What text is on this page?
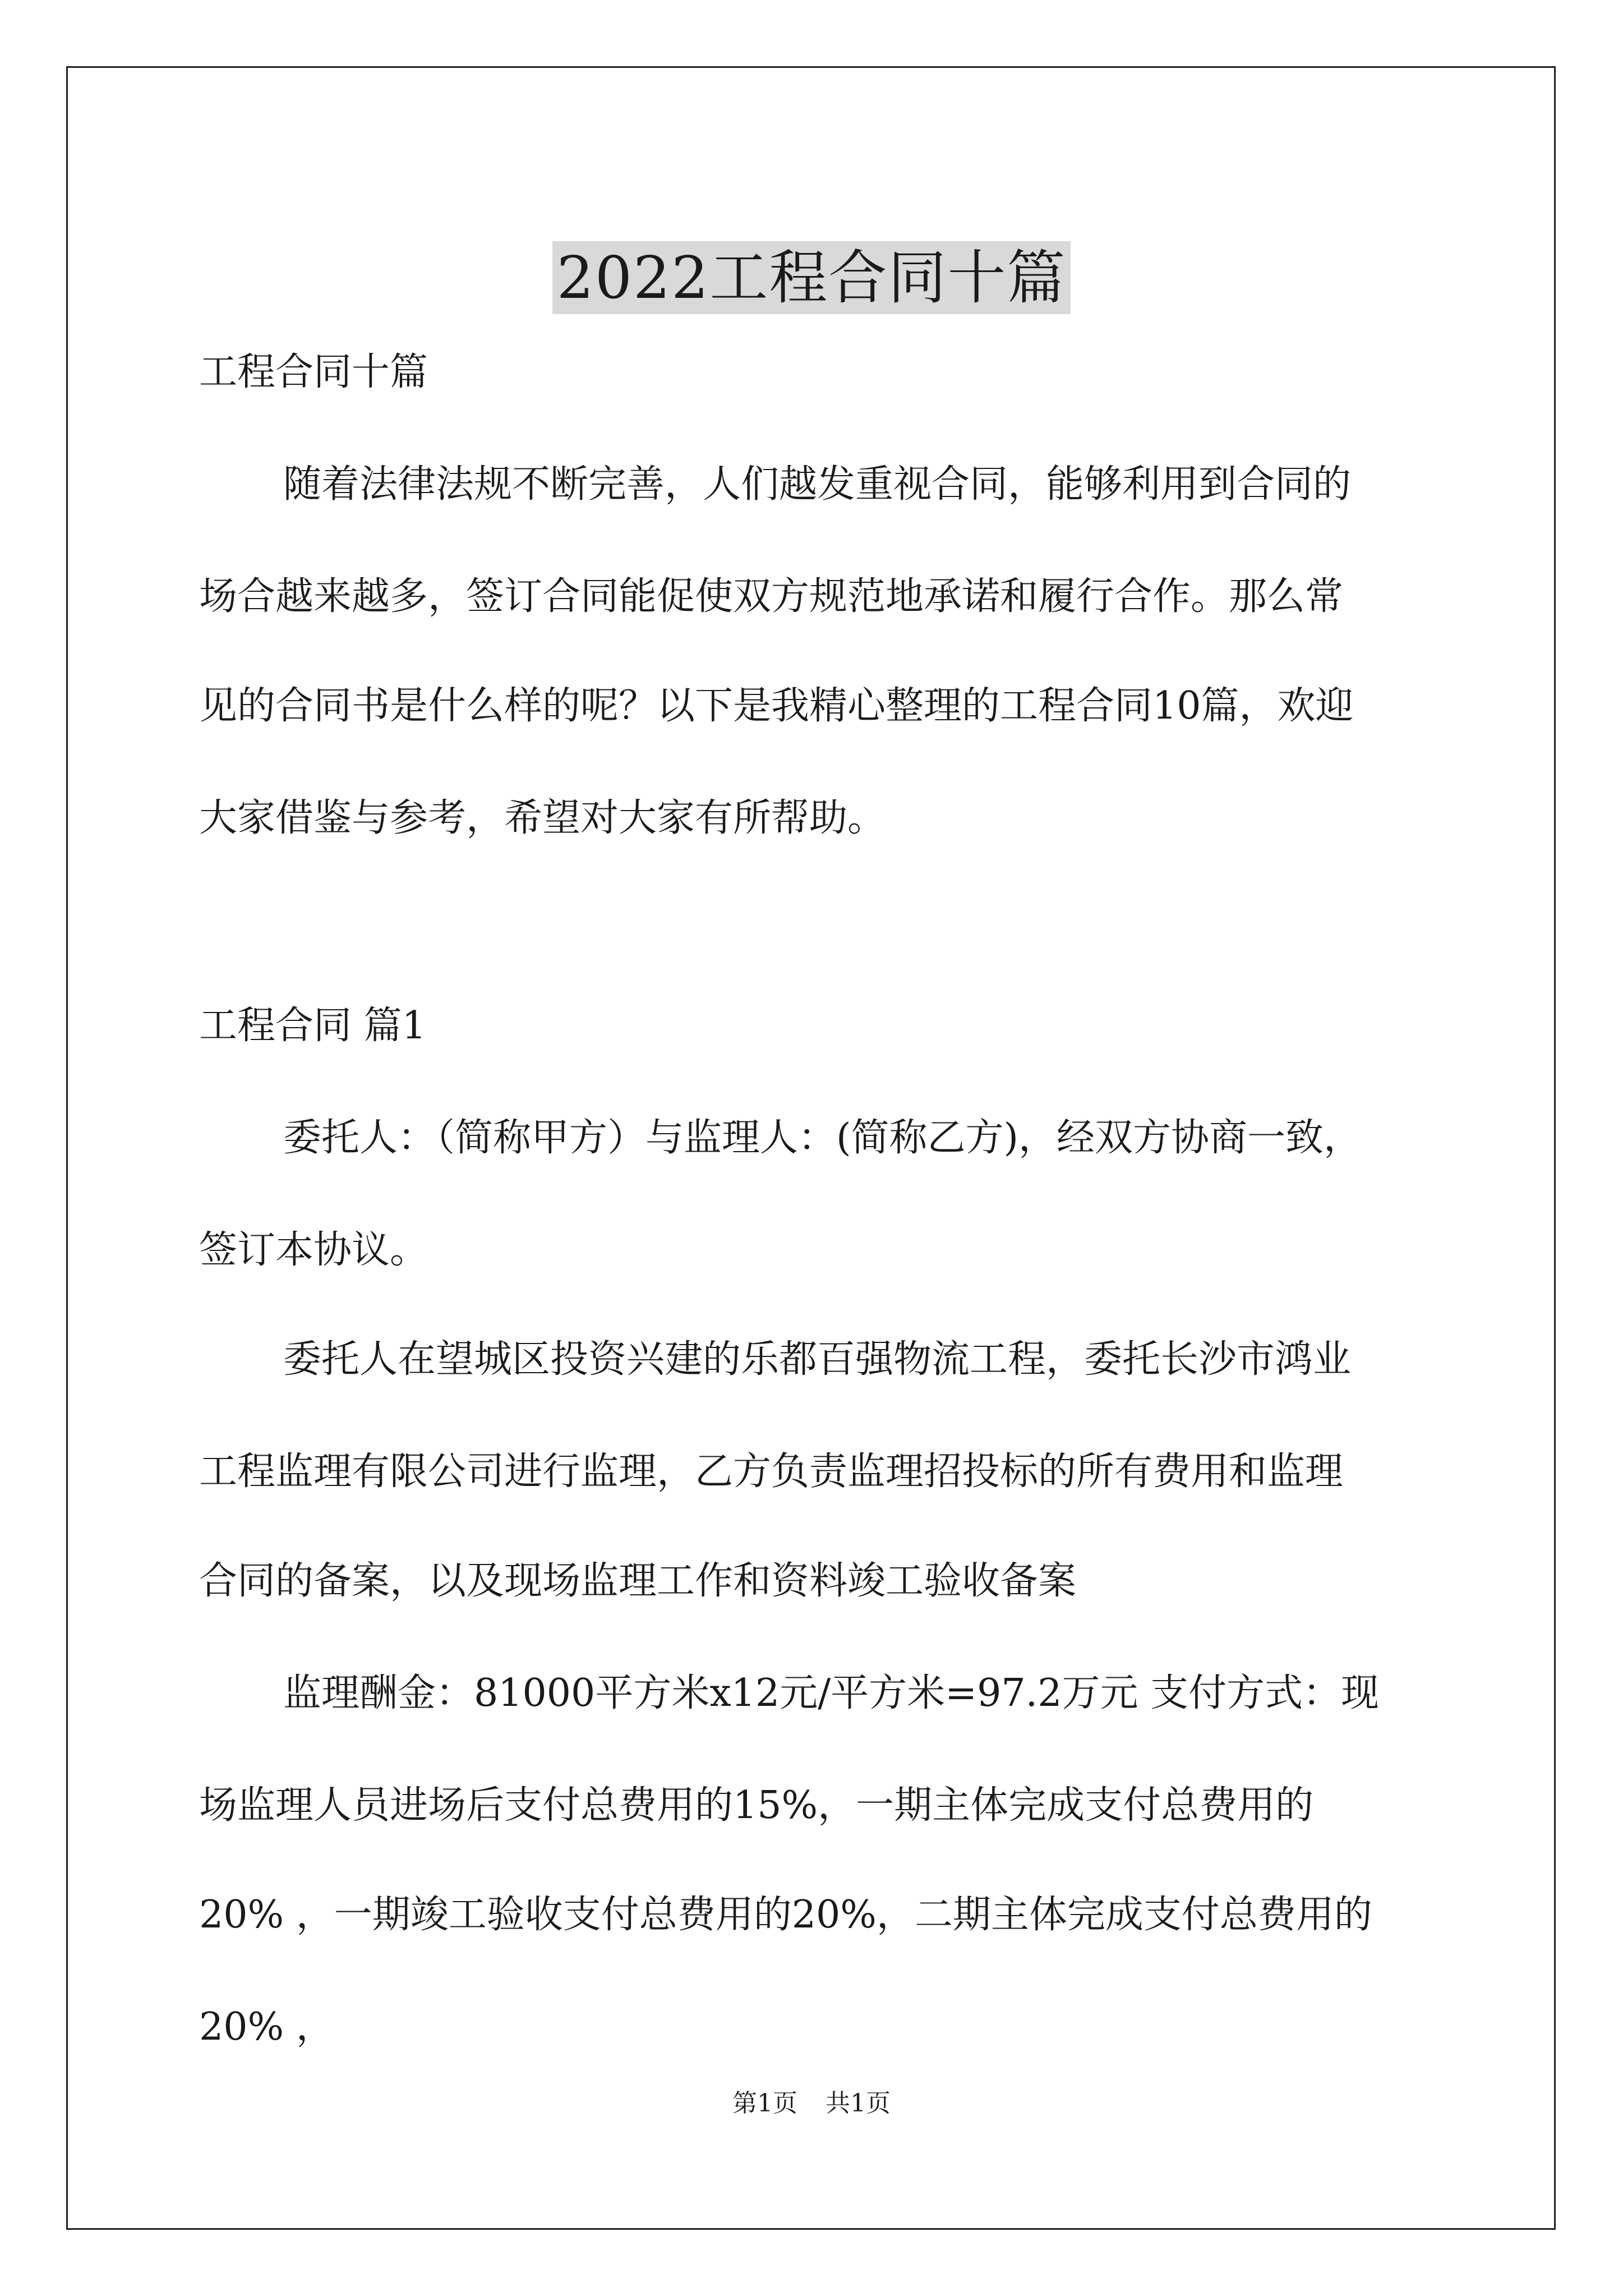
2022工程合同十篇
工程合同十篇
随着法律法规不断完善，人们越发重视合同，能够利用到合同的
场合越来越多，签订合同能促使双方规范地承诺和履行合作。那么常
见的合同书是什么样的呢？以下是我精心整理的工程合同10篇，欢迎
大家借鉴与参考，希望对大家有所帮助。
工程合同 篇1
委托人：（简称甲方）与监理人：(简称乙方)，经双方协商一致，
签订本协议。
委托人在望城区投资兴建的乐都百强物流工程，委托长沙市鸿业
工程监理有限公司进行监理，乙方负责监理招投标的所有费用和监理
合同的备案，以及现场监理工作和资料竣工验收备案
监理酬金：81000平方米x12元/平方米=97.2万元 支付方式：现
场监理人员进场后支付总费用的15%，一期主体完成支付总费用的
20% ，一期竣工验收支付总费用的20%，二期主体完成支付总费用的
20% ，
第1页 共1页
